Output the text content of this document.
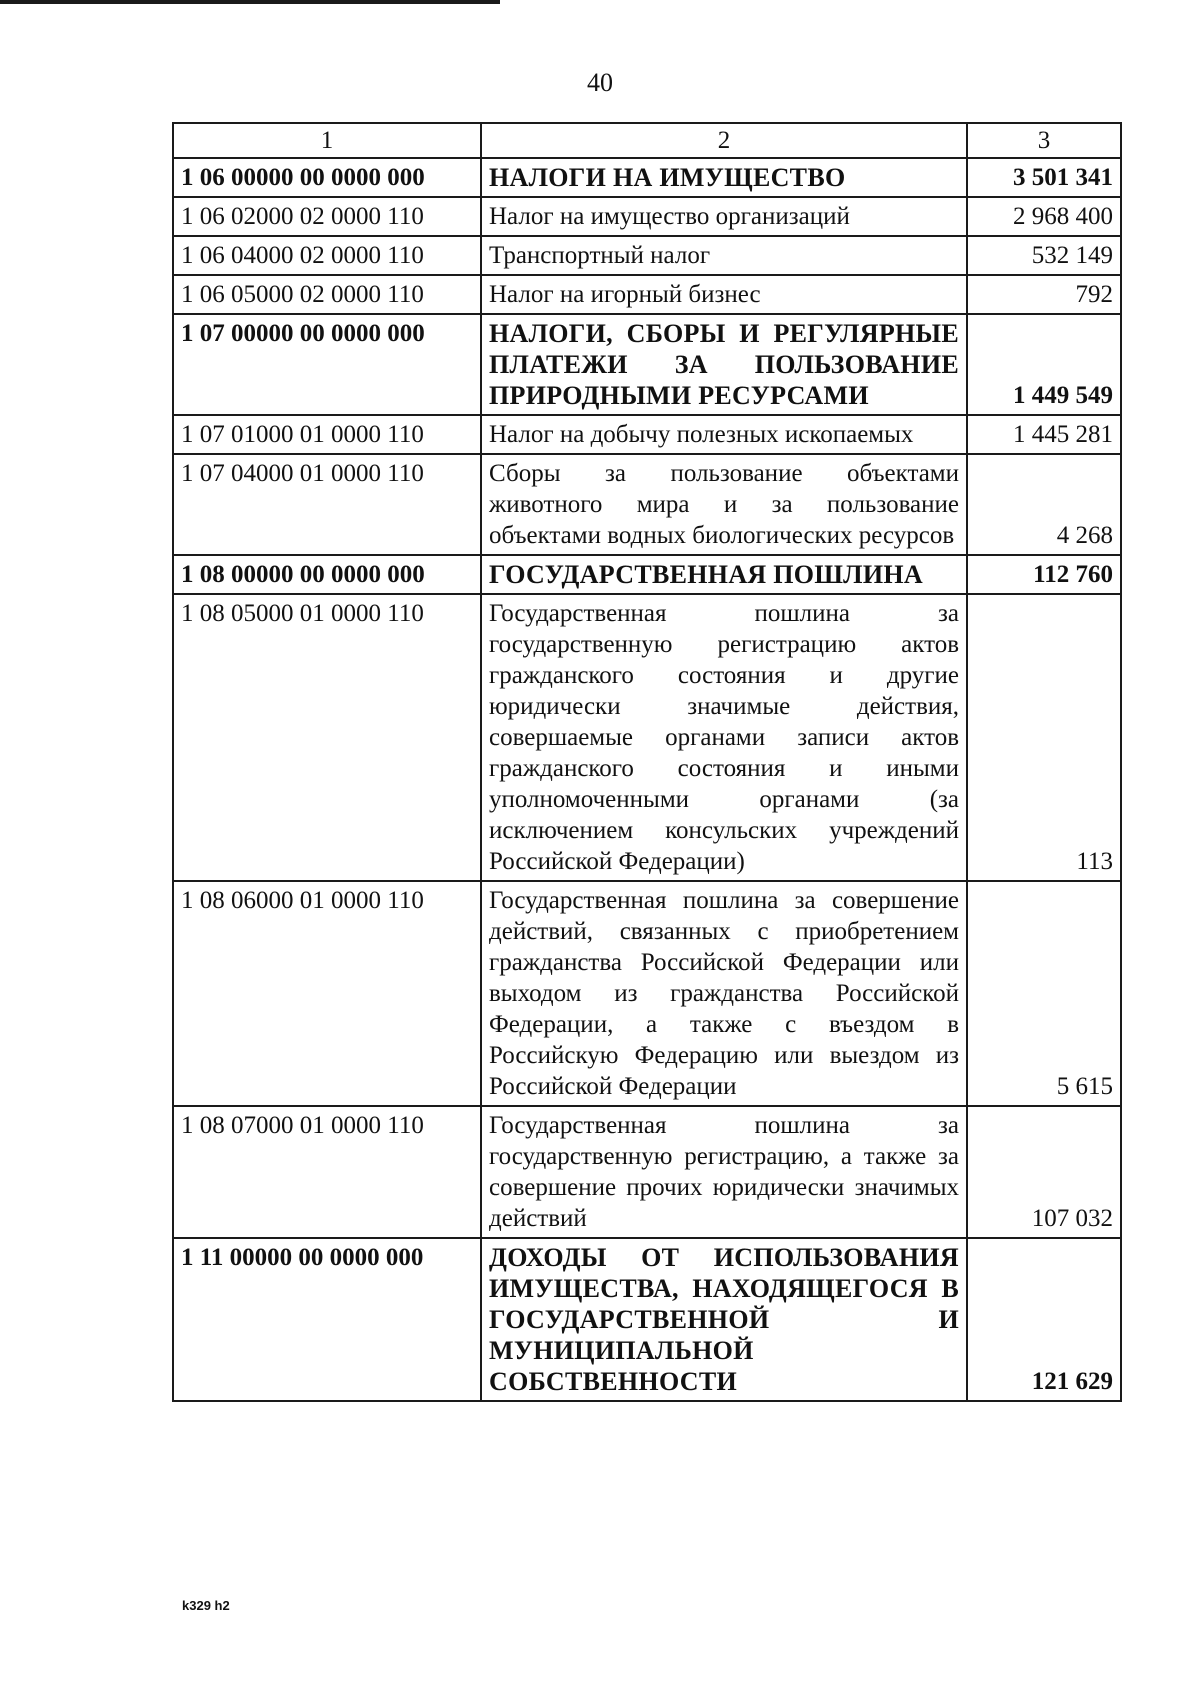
40
1	2	3
1 06 00000 00 0000 000	НАЛОГИ НА ИМУЩЕСТВО	3 501 341
1 06 02000 02 0000 110	Налог на имущество организаций	2 968 400
1 06 04000 02 0000 110	Транспортный налог	532 149
1 06 05000 02 0000 110	Налог на игорный бизнес	792
1 07 00000 00 0000 000	НАЛОГИ, СБОРЫ И РЕГУЛЯРНЫЕ ПЛАТЕЖИ ЗА ПОЛЬЗОВАНИЕ ПРИРОДНЫМИ РЕСУРСАМИ	1 449 549
1 07 01000 01 0000 110	Налог на добычу полезных ископаемых	1 445 281
1 07 04000 01 0000 110	Сборы за пользование объектами животного мира и за пользование объектами водных биологических ресурсов	4 268
1 08 00000 00 0000 000	ГОСУДАРСТВЕННАЯ ПОШЛИНА	112 760
1 08 05000 01 0000 110	Государственная пошлина за государственную регистрацию актов гражданского состояния и другие юридически значимые действия, совершаемые органами записи актов гражданского состояния и иными уполномоченными органами (за исключением консульских учреждений Российской Федерации)	113
1 08 06000 01 0000 110	Государственная пошлина за совершение действий, связанных с приобретением гражданства Российской Федерации или выходом из гражданства Российской Федерации, а также с въездом в Российскую Федерацию или выездом из Российской Федерации	5 615
1 08 07000 01 0000 110	Государственная пошлина за государственную регистрацию, а также за совершение прочих юридически значимых действий	107 032
1 11 00000 00 0000 000	ДОХОДЫ ОТ ИСПОЛЬЗОВАНИЯ ИМУЩЕСТВА, НАХОДЯЩЕГОСЯ В ГОСУДАРСТВЕННОЙ И МУНИЦИПАЛЬНОЙ СОБСТВЕННОСТИ	121 629
k329 h2
